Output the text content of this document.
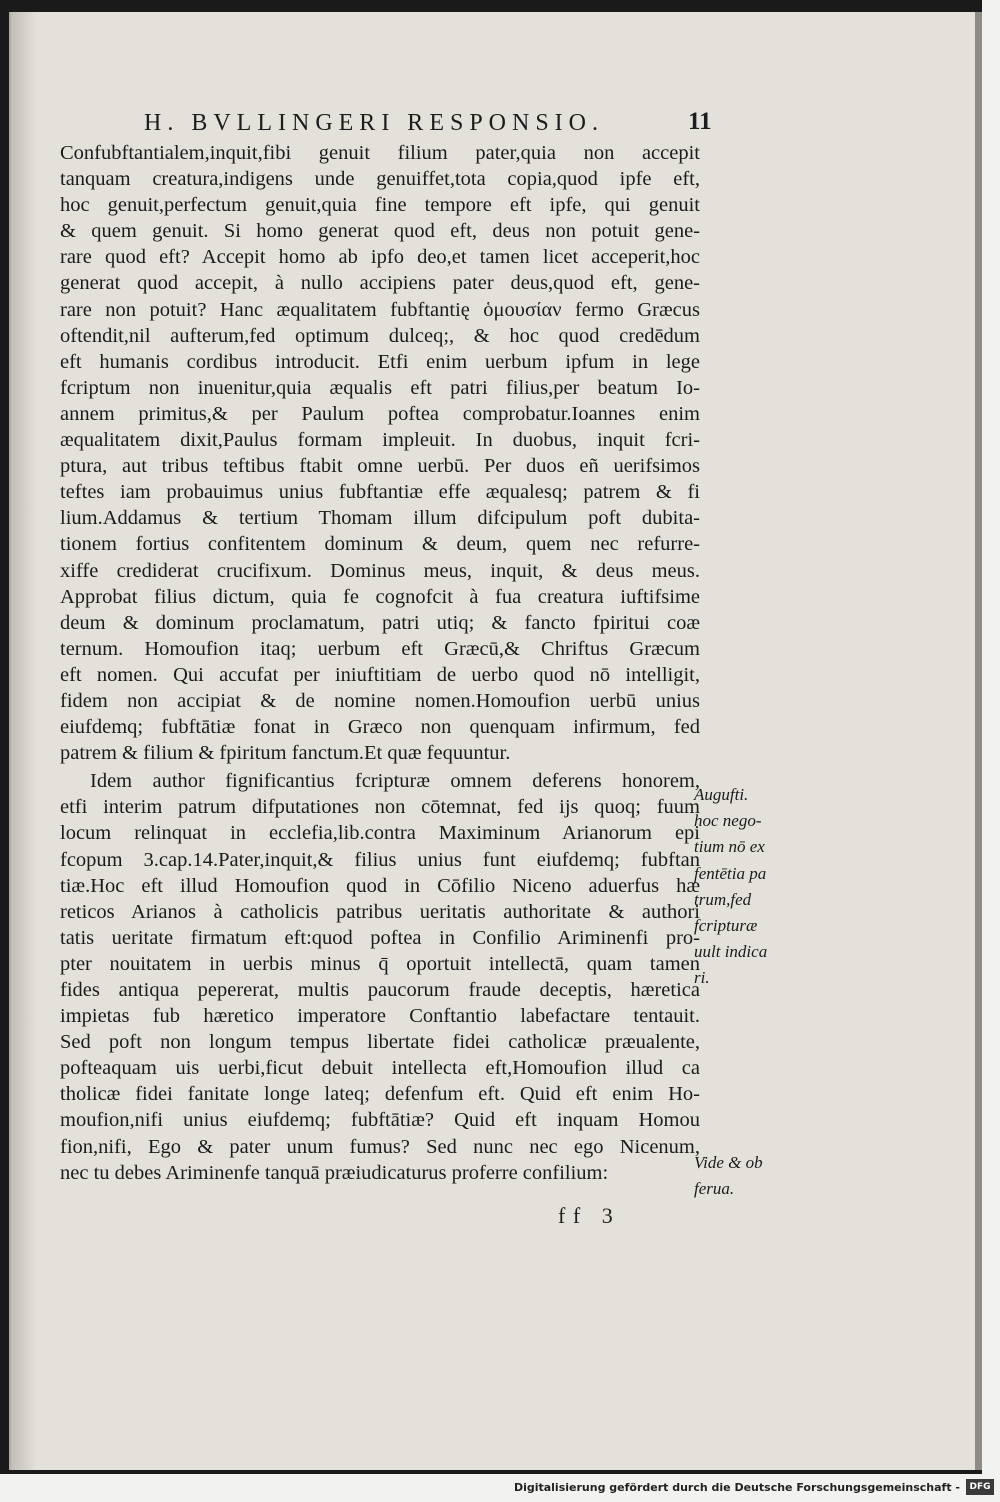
H. BVLLINGERI RESPONSIO.	11
Confubftantialem,inquit,fibi genuit filium pater,quia non accepit
tanquam creatura,indigens unde genuiffet,tota copia,quod ipfe eft,
hoc genuit,perfectum genuit,quia fine tempore eft ipfe, qui genuit
& quem genuit. Si homo generat quod eft, deus non potuit gene-
rare quod eft? Accepit homo ab ipfo deo,et tamen licet acceperit,hoc
generat quod accepit, à nullo accipiens pater deus,quod eft, gene-
rare non potuit? Hanc æqualitatem fubftantię ὁμουσίαν fermo Græcus
oftendit,nil aufterum,fed optimum dulceq;, & hoc quod credēdum
eft humanis cordibus introducit. Etfi enim uerbum ipfum in lege
fcriptum non inuenitur,quia æqualis eft patri filius,per beatum Io-
annem primitus,& per Paulum poftea comprobatur.Ioannes enim
æqualitatem dixit,Paulus formam impleuit. In duobus, inquit fcri-
ptura, aut tribus teftibus ftabit omne uerbū. Per duos eñ uerifsimos
teftes iam probauimus unius fubftantiæ effe æqualesq; patrem & fi
lium.Addamus & tertium Thomam illum difcipulum poft dubita-
tionem fortius confitentem dominum & deum, quem nec refurre-
xiffe crediderat crucifixum. Dominus meus, inquit, & deus meus.
Approbat filius dictum, quia fe cognofcit à fua creatura iuftifsime
deum & dominum proclamatum, patri utiq; & fancto fpiritui coæ
ternum. Homoufion itaq; uerbum eft Græcū,& Chriftus Græcum
eft nomen. Qui accufat per iniuftitiam de uerbo quod nō intelligit,
fidem non accipiat & de nomine nomen.Homoufion uerbū unius
eiufdemq; fubftātiæ fonat in Græco non quenquam infirmum, fed
patrem & filium & fpiritum fanctum.Et quæ fequuntur.
Idem author fignificantius fcripturæ omnem deferens honorem,
etfi interim patrum difputationes non cōtemnat, fed ijs quoq; fuum
locum relinquat in ecclefia,lib.contra Maximinum Arianorum epi
fcopum 3.cap.14.Pater,inquit,& filius unius funt eiufdemq; fubftan
tiæ.Hoc eft illud Homoufion quod in Cōfilio Niceno aduerfus hæ
reticos Arianos à catholicis patribus ueritatis authoritate & authori
tatis ueritate firmatum eft:quod poftea in Confilio Ariminenfi pro-
pter nouitatem in uerbis minus q̄ oportuit intellectā, quam tamen
fides antiqua pepererat, multis paucorum fraude deceptis, hæretica
impietas fub hæretico imperatore Conftantio labefactare tentauit.
Sed poft non longum tempus libertate fidei catholicæ præualente,
pofteaquam uis uerbi,ficut debuit intellecta eft,Homoufion illud ca
tholicæ fidei fanitate longe lateq; defenfum eft. Quid eft enim Ho-
moufion,nifi unius eiufdemq; fubftātiæ? Quid eft inquam Homou
fion,nifi, Ego & pater unum fumus? Sed nunc nec ego Nicenum,
nec tu debes Ariminenfe tanquā præiudicaturus proferre confilium:
Augufti.
hoc nego-
tium nō ex
fentētia pa
trum,fed
fcripturæ
uult indica
ri.
Vide & ob
ferua.
ff 3
Digitalisierung gefördert durch die Deutsche Forschungsgemeinschaft -	DFG
